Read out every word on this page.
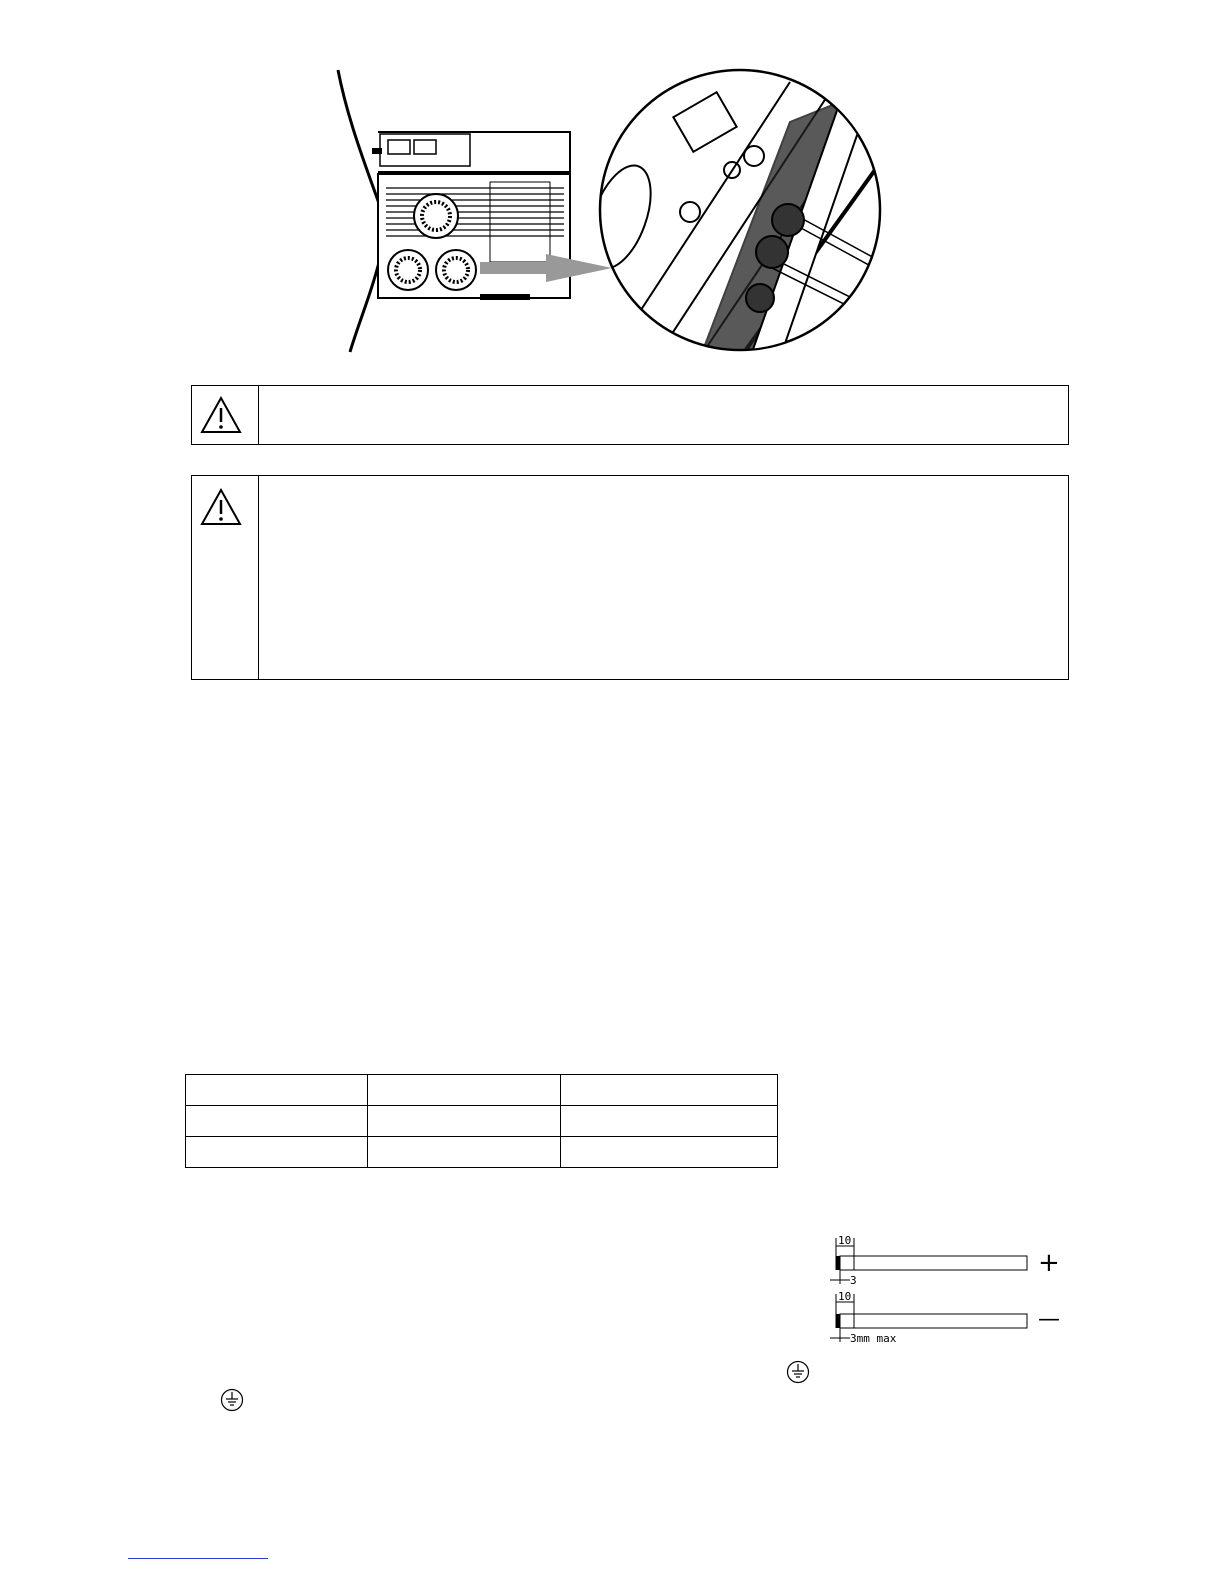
10
3
+
10
3mm max
—
